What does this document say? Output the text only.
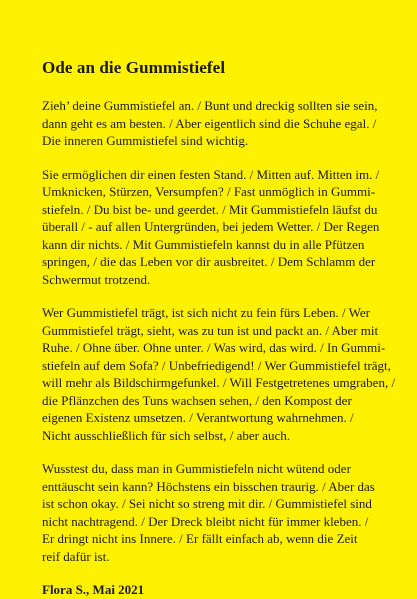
Ode an die Gummistiefel
Zieh’ deine Gummistiefel an. / Bunt und dreckig sollten sie sein,
dann geht es am besten. / Aber eigentlich sind die Schuhe egal. /
Die inneren Gummistiefel sind wichtig.
Sie ermöglichen dir einen festen Stand. / Mitten auf. Mitten im. /
Umknicken, Stürzen, Versumpfen? / Fast unmöglich in Gummi-
stiefeln. / Du bist be- und geerdet. / Mit Gummistiefeln läufst du
überall / - auf allen Untergründen, bei jedem Wetter. / Der Regen
kann dir nichts. / Mit Gummistiefeln kannst du in alle Pfützen
springen, / die das Leben vor dir ausbreitet. / Dem Schlamm der
Schwermut trotzend.
Wer Gummistiefel trägt, ist sich nicht zu fein fürs Leben. / Wer
Gummistiefel trägt, sieht, was zu tun ist und packt an. / Aber mit
Ruhe. / Ohne über. Ohne unter. / Was wird, das wird. / In Gummi-
stiefeln auf dem Sofa? / Unbefriedigend! / Wer Gummistiefel trägt,
will mehr als Bildschirmgefunkel. / Will Festgetretenes umgraben, /
die Pflänzchen des Tuns wachsen sehen, / den Kompost der
eigenen Existenz umsetzen. / Verantwortung wahrnehmen. /
Nicht ausschließlich für sich selbst, / aber auch.
Wusstest du, dass man in Gummistiefeln nicht wütend oder
enttäuscht sein kann? Höchstens ein bisschen traurig. / Aber das
ist schon okay. / Sei nicht so streng mit dir. / Gummistiefel sind
nicht nachtragend. / Der Dreck bleibt nicht für immer kleben. /
Er dringt nicht ins Innere. / Er fällt einfach ab, wenn die Zeit
reif dafür ist.
Flora S., Mai 2021
